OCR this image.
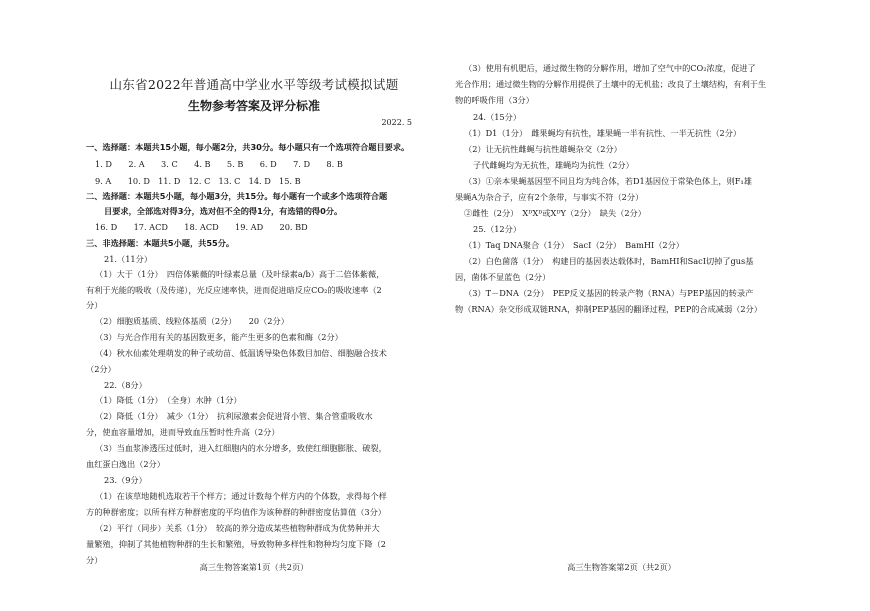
山东省2022年普通高中学业水平等级考试模拟试题
生物参考答案及评分标准
2022. 5
一、选择题：本题共15小题，每小题2分，共30分。每小题只有一个选项符合题目要求。
1. D　　2. A　　3. C　　4. B　　5. B　　6. D　　7. D　　8. B
9. A　　10. D　11. D　12. C　13. C　14. D　15. B
二、选择题：本题共5小题，每小题3分，共15分。每小题有一个或多个选项符合题
目要求，全部选对得3分，选对但不全的得1分，有选错的得0分。
16. D　　17. ACD　　18. ACD　　19. AD　　20. BD
三、非选择题：本题共5小题，共55分。
21.（11分）
（1）大于（1分）　四倍体紫薇的叶绿素总量（及叶绿素a/b）高于二倍体紫薇，
有利于光能的吸收（及传递），光反应速率快，进而促进暗反应CO₂的吸收速率（2
分）
（2）细胞质基质、线粒体基质（2分）　　20（2分）
（3）与光合作用有关的基因数更多，能产生更多的色素和酶（2分）
（4）秋水仙素处理萌发的种子或幼苗、低温诱导染色体数目加倍、细胞融合技术
（2分）
22.（8分）
（1）降低（1分）　（全身）水肿（1分）
（2）降低（1分）　减少（1分）　抗利尿激素会促进肾小管、集合管重吸收水
分，使血容量增加，进而导致血压暂时性升高（2分）
（3）当血浆渗透压过低时，进入红细胞内的水分增多，致使红细胞膨胀、破裂，
血红蛋白逸出（2分）
23.（9分）
（1）在该草地随机选取若干个样方；通过计数每个样方内的个体数，求得每个样
方的种群密度；以所有样方种群密度的平均值作为该种群的种群密度估算值（3分）
（2）平行（同步）关系（1分）　较高的养分造成某些植物种群成为优势种并大
量繁殖，抑制了其他植物种群的生长和繁殖，导致物种多样性和物种均匀度下降（2
分）
（3）使用有机肥后，通过微生物的分解作用，增加了空气中的CO₂浓度，促进了
光合作用；通过微生物的分解作用提供了土壤中的无机盐；改良了土壤结构，有利于生
物的呼吸作用（3分）
24.（15分）
（1）D1（1分）　雌果蝇均有抗性，雄果蝇一半有抗性、一半无抗性（2分）
（2）让无抗性雌蝇与抗性雄蝇杂交（2分）
子代雌蝇均为无抗性，雄蝇均为抗性（2分）
（3）①亲本果蝇基因型不同且均为纯合体，若D1基因位于常染色体上，则F₁雄
果蝇A为杂合子，应有2个条带，与事实不符（2分）
②雌性（2分）　XᴰXᴰ或XᴰY（2分）　缺失（2分）
25.（12分）
（1）Taq DNA聚合（1分）　SacⅠ（2分）　BamHⅠ（2分）
（2）白色菌落（1分）　构建目的基因表达载体时，BamHⅠ和SacⅠ切掉了gus基
因，菌体不显蓝色（2分）
（3）T－DNA（2分）　PEP反义基因的转录产物（RNA）与PEP基因的转录产
物（RNA）杂交形成双链RNA，抑制PEP基因的翻译过程，PEP的合成减弱（2分）
高三生物答案第1页（共2页）	高三生物答案第2页（共2页）
